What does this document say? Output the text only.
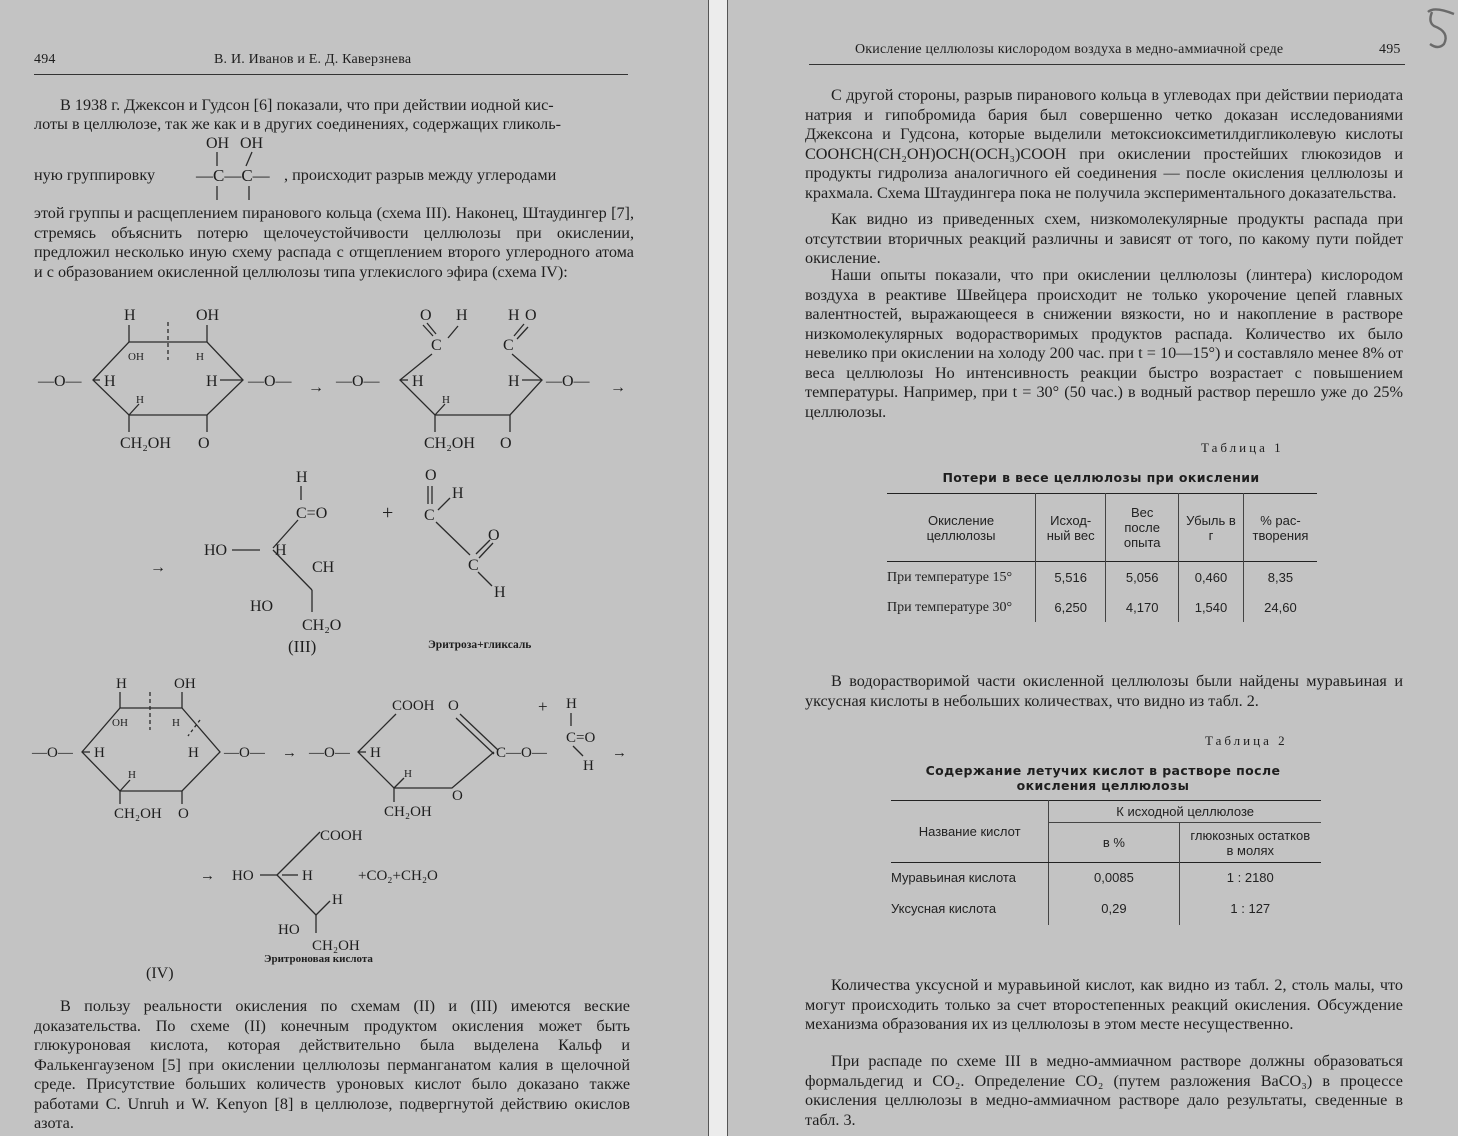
494	В. И. Иванов и Е. Д. Каверзнева
В 1938 г. Джексон и Гудсон [6] показали, что при действии иодной кис-
лоты в целлюлозе, так же как и в других соединениях, содержащих гликоль-
ную группировку
OH OH
—C—C— , происходит разрыв между углеродами
этой группы и расщеплением пиранового кольца (схема III). Наконец, Штаудингер [7], стремясь объяснить потерю щелочеустойчивости целлюлозы при окислении, предложил несколько иную схему распада с отщеплением второго углеродного атома и с образованием окисленной целлюлозы типа углекислого эфира (схема IV):
H	OH
OH	H
—O— H	H —O—
H
CH₂OH O
→
O H	H O
C	C
—O— H	H —O—
H
CH₂OH O
→
→
H
C=O
HO	H
CH
HO
CH₂O
(III)
+
O
H
C
O
C
H
Эритроза+гликсаль
H	OH
OH	H
—O— H	H —O—
H
CH₂OH O
→ —O— H
COOH O
C—O—
H
O
CH₂OH
+ H
C=O
H
→
COOH
→ HO	H
H
HO
CH₂OH
+CO₂+CH₂O
Эритроновая кислота
(IV)
В пользу реальности окисления по схемам (II) и (III) имеются веские доказательства. По схеме (II) конечным продуктом окисления может быть глюкуроновая кислота, которая действительно была выделена Кальф и Фалькенгаузеном [5] при окислении целлюлозы перманганатом калия в щелочной среде. Присутствие больших количеств уроновых кислот было доказано также работами C. Unruh и W. Kenyon [8] в целлюлозе, подвергнутой действию окислов азота.
Окисление целлюлозы кислородом воздуха в медно-аммиачной среде	495
С другой стороны, разрыв пиранового кольца в углеводах при действии периодата натрия и гипобромида бария был совершенно четко доказан исследованиями Джексона и Гудсона, которые выделили метоксиоксиметилдигликолевую кислоты COOHCH(CH₂OH)OCH(OCH₃)COOH при окислении простейших глюкозидов и продукты гидролиза аналогичного ей соединения — после окисления целлюлозы и крахмала. Схема Штаудингера пока не получила экспериментального доказательства.
Как видно из приведенных схем, низкомолекулярные продукты распада при отсутствии вторичных реакций различны и зависят от того, по какому пути пойдет окисление.
Наши опыты показали, что при окислении целлюлозы (линтера) кислородом воздуха в реактиве Швейцера происходит не только укорочение цепей главных валентностей, выражающееся в снижении вязкости, но и накопление в растворе низкомолекулярных водорастворимых продуктов распада. Количество их было невелико при окислении на холоду 200 час. при t = 10—15°) и составляло менее 8% от веса целлюлозы Но интенсивность реакции быстро возрастает с повышением температуры. Например, при t = 30° (50 час.) в водный раствор перешло уже до 25% целлюлозы.
Таблица 1
Потери в весе целлюлозы при окислении
Окисление целлюлозы	Исход-ный вес	Вес после опыта	Убыль в г	% рас-творения
При температуре 15°	5,516	5,056	0,460	8,35
При температуре 30°	6,250	4,170	1,540	24,60
В водорастворимой части окисленной целлюлозы были найдены муравьиная и уксусная кислоты в небольших количествах, что видно из табл. 2.
Таблица 2
Содержание летучих кислот в растворе после окисления целлюлозы
Название кислот	К исходной целлюлозе	
	в %	глюкозных остатков в молях
Муравьиная кислота	0,0085	1 : 2180
Уксусная кислота	0,29	1 : 127
Количества уксусной и муравьиной кислот, как видно из табл. 2, столь малы, что могут происходить только за счет второстепенных реакций окисления. Обсуждение механизма образования их из целлюлозы в этом месте несущественно.
При распаде по схеме III в медно-аммиачном растворе должны образоваться формальдегид и CO₂. Определение CO₂ (путем разложения BaCO₃) в процессе окисления целлюлозы в медно-аммиачном растворе дало результаты, сведенные в табл. 3.
